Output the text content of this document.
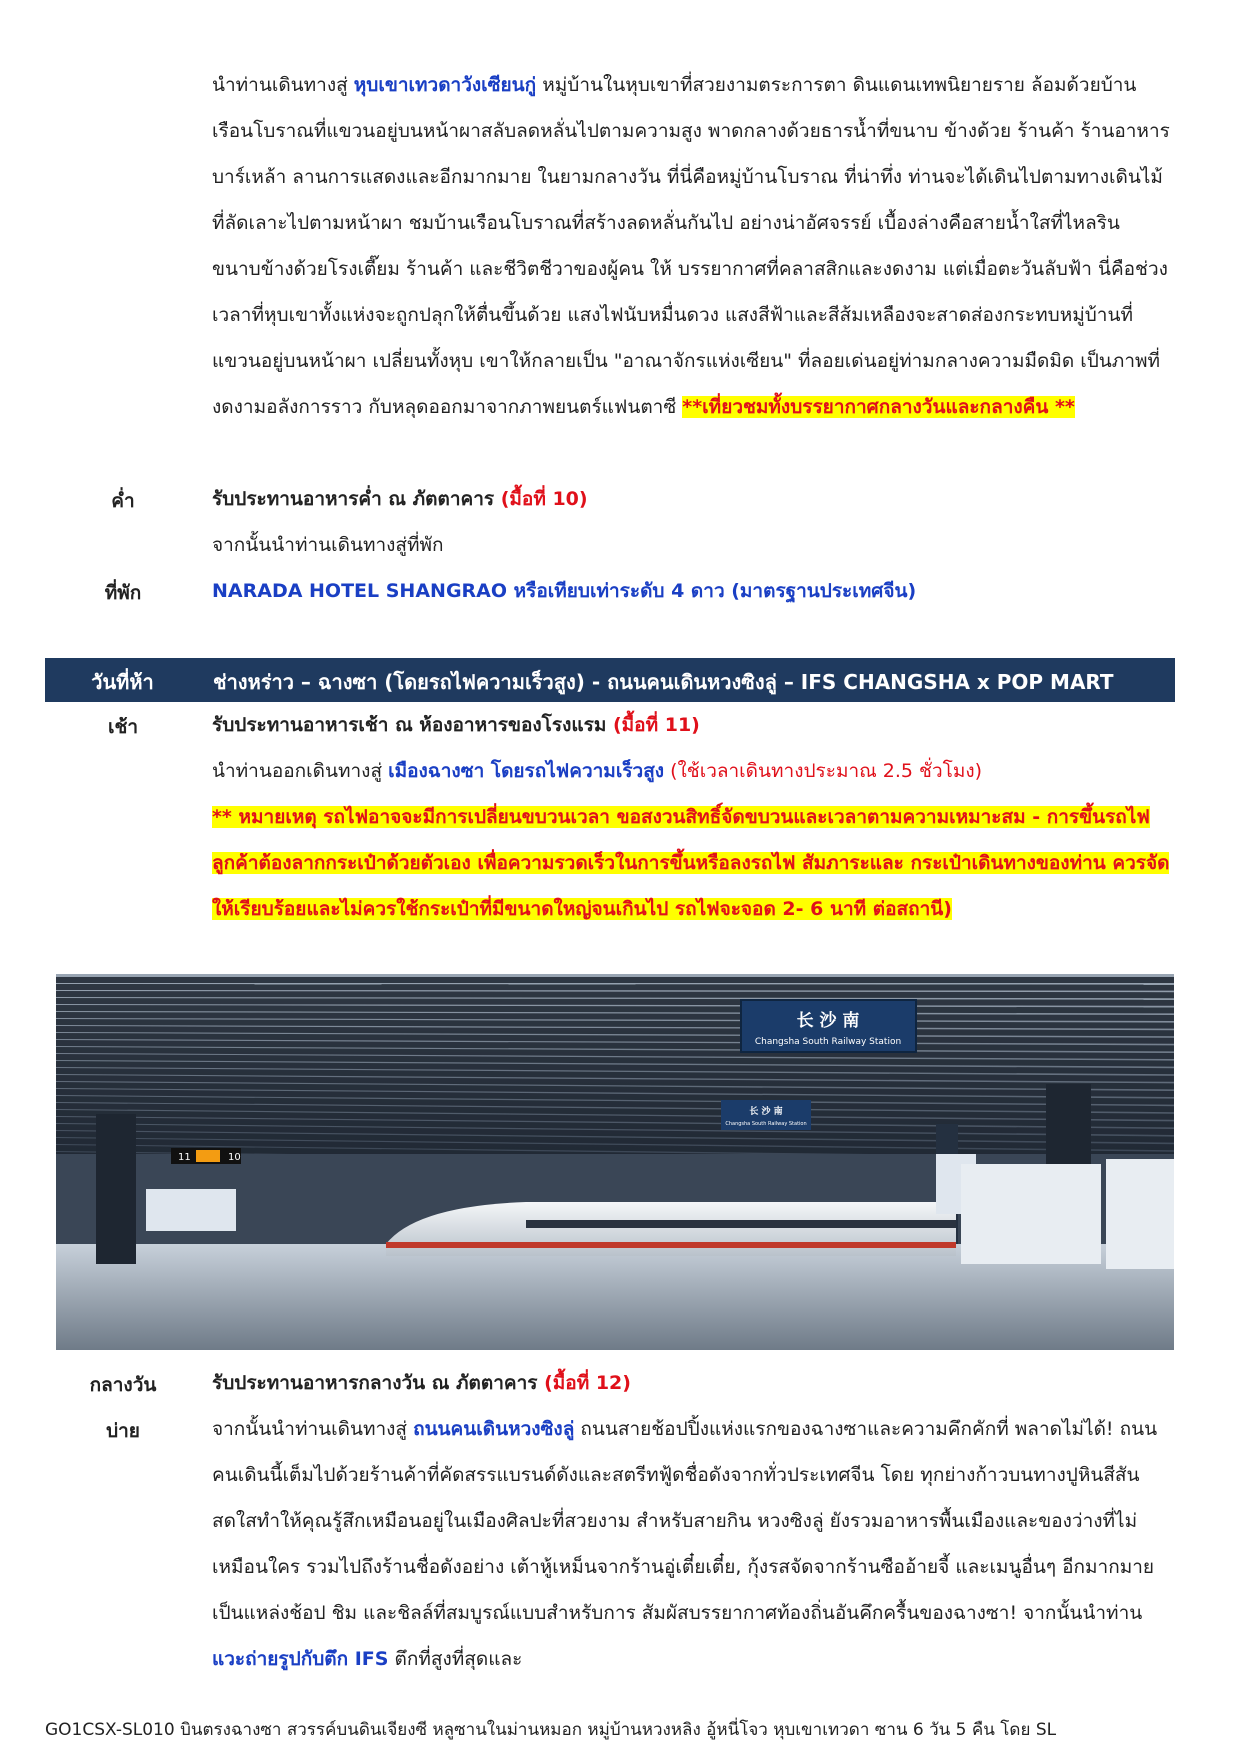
นำท่านเดินทางสู่ หุบเขาเทวดาวังเซียนกู่ หมู่บ้านในหุบเขาที่สวยงามตระการตา ดินแดนเทพนิยายราย ล้อมด้วยบ้านเรือนโบราณที่แขวนอยู่บนหน้าผาสลับลดหลั่นไปตามความสูง พาดกลางด้วยธารน้ำที่ขนาบ ข้างด้วย ร้านค้า ร้านอาหาร บาร์เหล้า ลานการแสดงและอีกมากมาย ในยามกลางวัน ที่นี่คือหมู่บ้านโบราณ ที่น่าทึ่ง ท่านจะได้เดินไปตามทางเดินไม้ที่ลัดเลาะไปตามหน้าผา ชมบ้านเรือนโบราณที่สร้างลดหลั่นกันไป อย่างน่าอัศจรรย์ เบื้องล่างคือสายน้ำใสที่ไหลริน ขนาบข้างด้วยโรงเตี๊ยม ร้านค้า และชีวิตชีวาของผู้คน ให้ บรรยากาศที่คลาสสิกและงดงาม แต่เมื่อตะวันลับฟ้า นี่คือช่วงเวลาที่หุบเขาทั้งแห่งจะถูกปลุกให้ตื่นขึ้นด้วย แสงไฟนับหมื่นดวง แสงสีฟ้าและสีส้มเหลืองจะสาดส่องกระทบหมู่บ้านที่แขวนอยู่บนหน้าผา เปลี่ยนทั้งหุบ เขาให้กลายเป็น "อาณาจักรแห่งเซียน" ที่ลอยเด่นอยู่ท่ามกลางความมืดมิด เป็นภาพที่งดงามอลังการราว กับหลุดออกมาจากภาพยนตร์แฟนตาซี **เที่ยวชมทั้งบรรยากาศกลางวันและกลางคืน **
ค่ำ	รับประทานอาหารค่ำ ณ ภัตตาคาร (มื้อที่ 10)
จากนั้นนำท่านเดินทางสู่ที่พัก
ที่พัก	NARADA HOTEL SHANGRAO หรือเทียบเท่าระดับ 4 ดาว (มาตรฐานประเทศจีน)
วันที่ห้า	ช่างหร่าว – ฉางซา (โดยรถไฟความเร็วสูง) - ถนนคนเดินหวงซิงลู่ – IFS CHANGSHA x POP MART
เช้า	รับประทานอาหารเช้า ณ ห้องอาหารของโรงแรม (มื้อที่ 11)
นำท่านออกเดินทางสู่ เมืองฉางซา โดยรถไฟความเร็วสูง (ใช้เวลาเดินทางประมาณ 2.5 ชั่วโมง)
** หมายเหตุ รถไฟอาจจะมีการเปลี่ยนขบวนเวลา ขอสงวนสิทธิ์จัดขบวนและเวลาตามความเหมาะสม - การขึ้นรถไฟลูกค้าต้องลากกระเป๋าด้วยตัวเอง เพื่อความรวดเร็วในการขึ้นหรือลงรถไฟ สัมภาระและ กระเป๋าเดินทางของท่าน ควรจัดให้เรียบร้อยและไม่ควรใช้กระเป๋าที่มีขนาดใหญ่จนเกินไป รถไฟจะจอด 2- 6 นาที ต่อสถานี)
长 沙 南
Changsha South Railway Station
长 沙 南
Changsha South Railway Station
11	10
กลางวัน	รับประทานอาหารกลางวัน ณ ภัตตาคาร (มื้อที่ 12)
บ่าย	จากนั้นนำท่านเดินทางสู่ ถนนคนเดินหวงซิงลู่ ถนนสายช้อปปิ้งแห่งแรกของฉางซาและความคึกคักที่ พลาดไม่ได้! ถนนคนเดินนี้เต็มไปด้วยร้านค้าที่คัดสรรแบรนด์ดังและสตรีทฟู้ดชื่อดังจากทั่วประเทศจีน โดย ทุกย่างก้าวบนทางปูหินสีสันสดใสทำให้คุณรู้สึกเหมือนอยู่ในเมืองศิลปะที่สวยงาม สำหรับสายกิน หวงซิงลู่ ยังรวมอาหารพื้นเมืองและของว่างที่ไม่เหมือนใคร รวมไปถึงร้านชื่อดังอย่าง เต้าหู้เหม็นจากร้านอู่เตี๋ยเตี๋ย, กุ้งรสจัดจากร้านซืออ้ายจี้ และเมนูอื่นๆ อีกมากมาย เป็นแหล่งช้อป ชิม และชิลล์ที่สมบูรณ์แบบสำหรับการ สัมผัสบรรยากาศท้องถิ่นอันคึกครื้นของฉางซา! จากนั้นนำท่าน แวะถ่ายรูปกับตึก IFS ตึกที่สูงที่สุดและ
GO1CSX-SL010 บินตรงฉางซา สวรรค์บนดินเจียงซี หลูซานในม่านหมอก หมู่บ้านหวงหลิง อู้หนี่โจว หุบเขาเทวดา ซาน 6 วัน 5 คืน โดย SL
